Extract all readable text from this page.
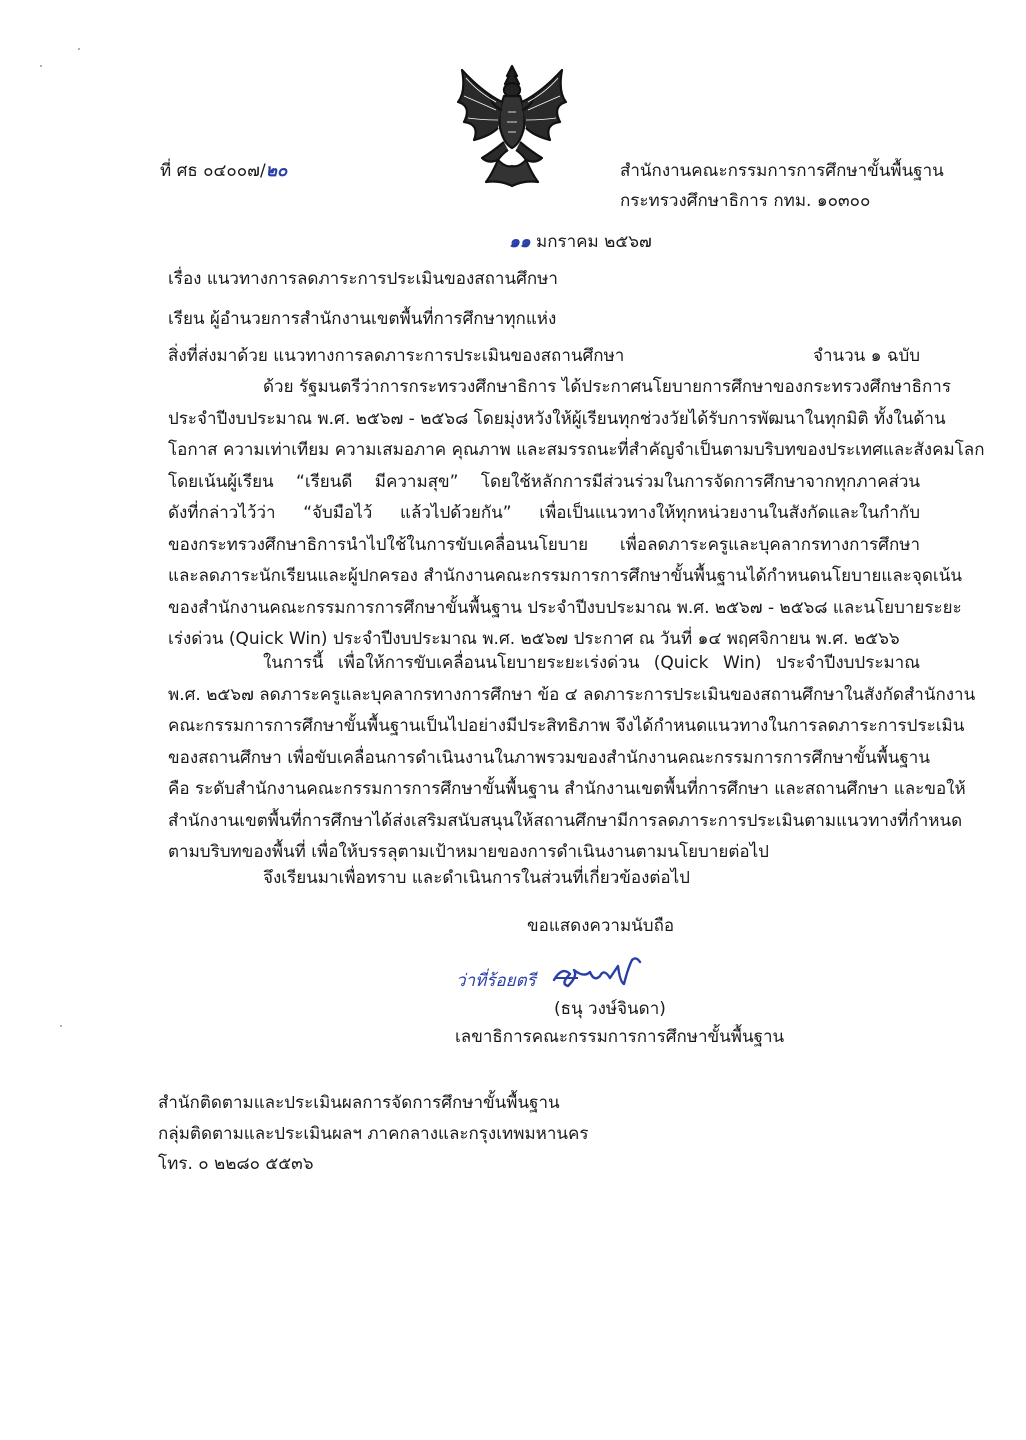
ที่ ศธ ๐๔๐๐๗/๒๐	สำนักงานคณะกรรมการการศึกษาขั้นพื้นฐาน
กระทรวงศึกษาธิการ กทม. ๑๐๓๐๐
๑๑ มกราคม ๒๕๖๗
เรื่อง แนวทางการลดภาระการประเมินของสถานศึกษา
เรียน ผู้อำนวยการสำนักงานเขตพื้นที่การศึกษาทุกแห่ง
สิ่งที่ส่งมาด้วย แนวทางการลดภาระการประเมินของสถานศึกษา	จำนวน ๑ ฉบับ
ด้วย รัฐมนตรีว่าการกระทรวงศึกษาธิการ ได้ประกาศนโยบายการศึกษาของกระทรวงศึกษาธิการ
ประจำปีงบประมาณ พ.ศ. ๒๕๖๗ - ๒๕๖๘ โดยมุ่งหวังให้ผู้เรียนทุกช่วงวัยได้รับการพัฒนาในทุกมิติ ทั้งในด้าน
โอกาส ความเท่าเทียม ความเสมอภาค คุณภาพ และสมรรถนะที่สำคัญจำเป็นตามบริบทของประเทศและสังคมโลก
โดยเน้นผู้เรียน “เรียนดี มีความสุข” โดยใช้หลักการมีส่วนร่วมในการจัดการศึกษาจากทุกภาคส่วน
ดังที่กล่าวไว้ว่า “จับมือไว้ แล้วไปด้วยกัน” เพื่อเป็นแนวทางให้ทุกหน่วยงานในสังกัดและในกำกับ
ของกระทรวงศึกษาธิการนำไปใช้ในการขับเคลื่อนนโยบาย เพื่อลดภาระครูและบุคลากรทางการศึกษา
และลดภาระนักเรียนและผู้ปกครอง สำนักงานคณะกรรมการการศึกษาขั้นพื้นฐานได้กำหนดนโยบายและจุดเน้น
ของสำนักงานคณะกรรมการการศึกษาขั้นพื้นฐาน ประจำปีงบประมาณ พ.ศ. ๒๕๖๗ - ๒๕๖๘ และนโยบายระยะ
เร่งด่วน (Quick Win) ประจำปีงบประมาณ พ.ศ. ๒๕๖๗ ประกาศ ณ วันที่ ๑๔ พฤศจิกายน พ.ศ. ๒๕๖๖
ในการนี้ เพื่อให้การขับเคลื่อนนโยบายระยะเร่งด่วน (Quick Win) ประจำปีงบประมาณ
พ.ศ. ๒๕๖๗ ลดภาระครูและบุคลากรทางการศึกษา ข้อ ๔ ลดภาระการประเมินของสถานศึกษาในสังกัดสำนักงาน
คณะกรรมการการศึกษาขั้นพื้นฐานเป็นไปอย่างมีประสิทธิภาพ จึงได้กำหนดแนวทางในการลดภาระการประเมิน
ของสถานศึกษา เพื่อขับเคลื่อนการดำเนินงานในภาพรวมของสำนักงานคณะกรรมการการศึกษาขั้นพื้นฐาน
คือ ระดับสำนักงานคณะกรรมการการศึกษาขั้นพื้นฐาน สำนักงานเขตพื้นที่การศึกษา และสถานศึกษา และขอให้
สำนักงานเขตพื้นที่การศึกษาได้ส่งเสริมสนับสนุนให้สถานศึกษามีการลดภาระการประเมินตามแนวทางที่กำหนด
ตามบริบทของพื้นที่ เพื่อให้บรรลุตามเป้าหมายของการดำเนินงานตามนโยบายต่อไป
จึงเรียนมาเพื่อทราบ และดำเนินการในส่วนที่เกี่ยวข้องต่อไป
ขอแสดงความนับถือ
ว่าที่ร้อยตรี
(ธนุ วงษ์จินดา)
เลขาธิการคณะกรรมการการศึกษาขั้นพื้นฐาน
สำนักติดตามและประเมินผลการจัดการศึกษาขั้นพื้นฐาน
กลุ่มติดตามและประเมินผลฯ ภาคกลางและกรุงเทพมหานคร
โทร. ๐ ๒๒๘๐ ๕๕๓๖
